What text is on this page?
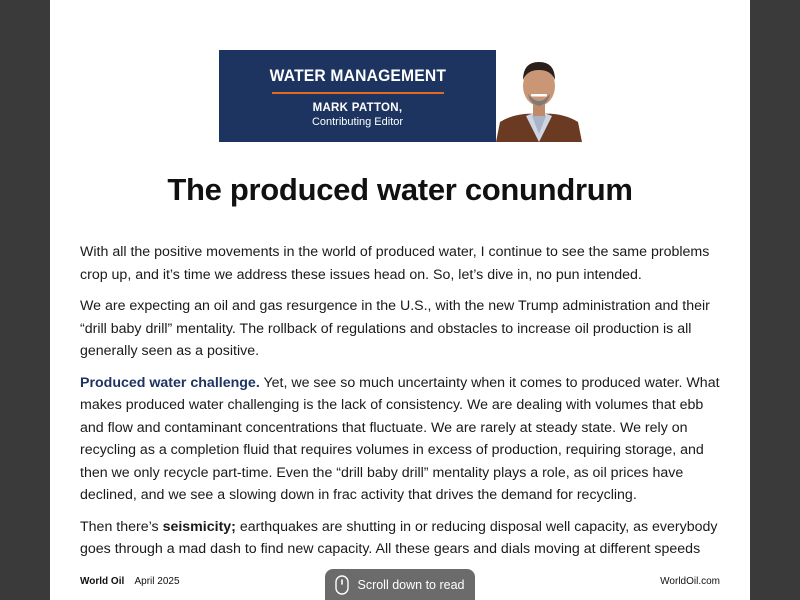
WATER MANAGEMENT
MARK PATTON,
Contributing Editor
The produced water conundrum

With all the positive movements in the world of produced water, I continue to see the same problems crop up, and it’s time we address these issues head on. So, let’s dive in, no pun intended.

We are expecting an oil and gas resurgence in the U.S., with the new Trump administration and their “drill baby drill” mentality. The rollback of regulations and obstacles to increase oil production is all generally seen as a positive.

Produced water challenge. Yet, we see so much uncertainty when it comes to produced water. What makes produced water challenging is the lack of consistency. We are dealing with volumes that ebb and flow and contaminant concentrations that fluctuate. We are rarely at steady state. We rely on recycling as a completion fluid that requires volumes in excess of production, requiring storage, and then we only recycle part-time. Even the “drill baby drill” mentality plays a role, as oil prices have declined, and we see a slowing down in frac activity that drives the demand for recycling.

Then there’s seismicity; earthquakes are shutting in or reducing disposal well capacity, as everybody goes through a mad dash to find new capacity. All these gears and dials moving at different speeds

World Oil April 2025	WorldOil.com
Scroll down to read
